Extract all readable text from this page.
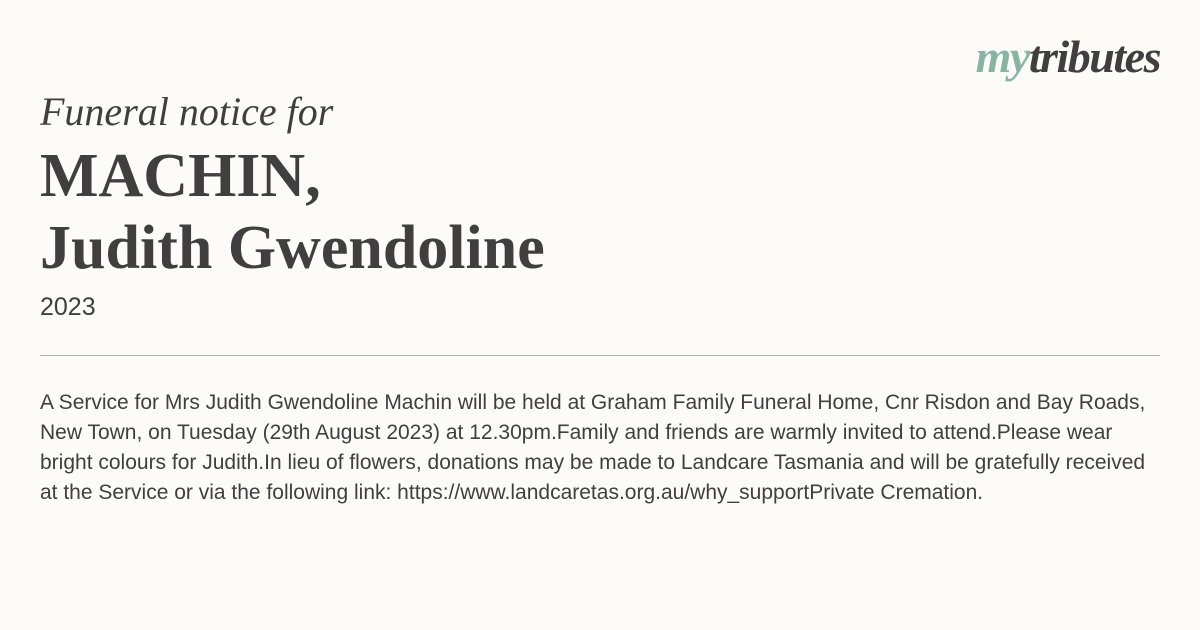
mytributes
Funeral notice for
MACHIN,
Judith Gwendoline
2023

A Service for Mrs Judith Gwendoline Machin will be held at Graham Family Funeral Home, Cnr Risdon and Bay Roads, New Town, on Tuesday (29th August 2023) at 12.30pm.Family and friends are warmly invited to attend.Please wear bright colours for Judith.In lieu of flowers, donations may be made to Landcare Tasmania and will be gratefully received at the Service or via the following link: https://www.landcaretas.org.au/why_supportPrivate Cremation.
